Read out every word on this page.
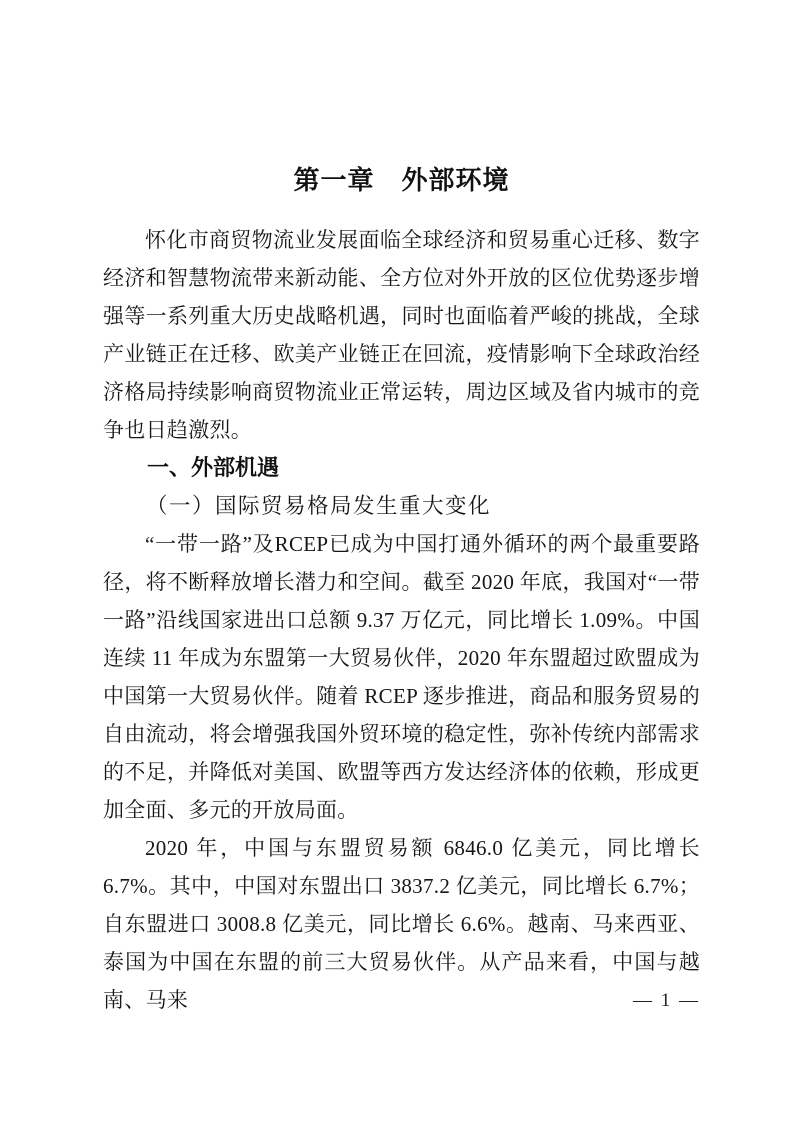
第一章　外部环境

怀化市商贸物流业发展面临全球经济和贸易重心迁移、数字经济和智慧物流带来新动能、全方位对外开放的区位优势逐步增强等一系列重大历史战略机遇，同时也面临着严峻的挑战，全球产业链正在迁移、欧美产业链正在回流，疫情影响下全球政治经济格局持续影响商贸物流业正常运转，周边区域及省内城市的竞争也日趋激烈。

一、外部机遇
（一）国际贸易格局发生重大变化

“一带一路”及RCEP已成为中国打通外循环的两个最重要路径，将不断释放增长潜力和空间。截至 2020 年底，我国对“一带一路”沿线国家进出口总额 9.37 万亿元，同比增长 1.09%。中国连续 11 年成为东盟第一大贸易伙伴，2020 年东盟超过欧盟成为中国第一大贸易伙伴。随着 RCEP 逐步推进，商品和服务贸易的自由流动，将会增强我国外贸环境的稳定性，弥补传统内部需求的不足，并降低对美国、欧盟等西方发达经济体的依赖，形成更加全面、多元的开放局面。

2020 年，中国与东盟贸易额 6846.0 亿美元，同比增长 6.7%。其中，中国对东盟出口 3837.2 亿美元，同比增长 6.7%；自东盟进口 3008.8 亿美元，同比增长 6.6%。越南、马来西亚、泰国为中国在东盟的前三大贸易伙伴。从产品来看，中国与越南、马来	— 1 —
